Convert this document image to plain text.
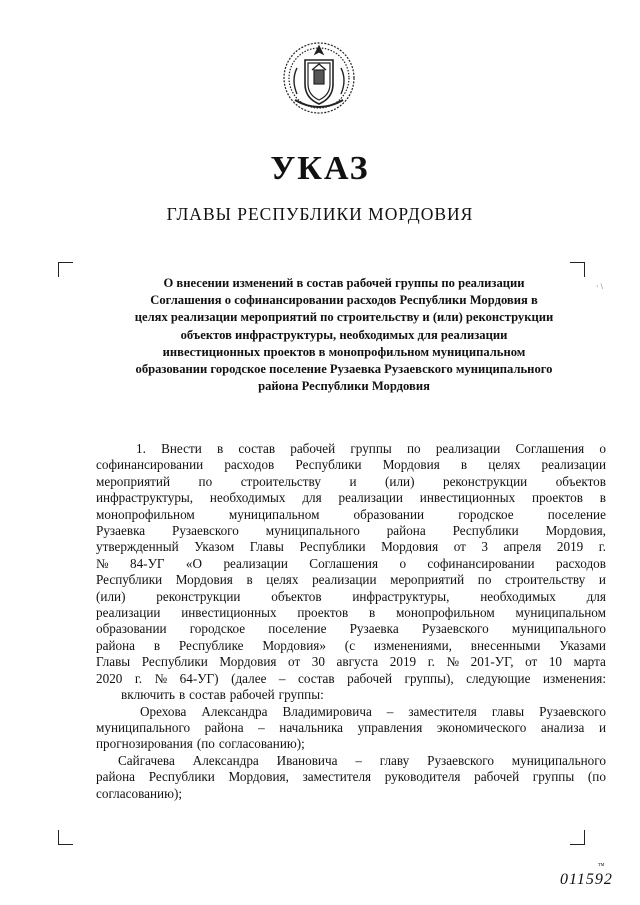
УКАЗ
ГЛАВЫ РЕСПУБЛИКИ МОРДОВИЯ
· \
О внесении изменений в состав рабочей группы по реализации
Соглашения о софинансировании расходов Республики Мордовия в
целях реализации мероприятий по строительству и (или) реконструкции
объектов инфраструктуры, необходимых для реализации
инвестиционных проектов в монопрофильном муниципальном
образовании городское поселение Рузаевка Рузаевского муниципального
района Республики Мордовия
1. Внести в состав рабочей группы по реализации Соглашения о
софинансировании расходов Республики Мордовия в целях реализации
мероприятий по строительству и (или) реконструкции объектов
инфраструктуры, необходимых для реализации инвестиционных проектов в
монопрофильном	муниципальном	образовании	городское	поселение
Рузаевка Рузаевского муниципального района Республики Мордовия,
утвержденный Указом Главы Республики Мордовия от 3 апреля 2019 г.
№ 84-УГ «О реализации Соглашения о софинансировании расходов
Республики Мордовия в целях реализации мероприятий по строительству и
(или) реконструкции объектов инфраструктуры, необходимых для
реализации инвестиционных проектов в монопрофильном муниципальном
образовании городское поселение Рузаевка Рузаевского муниципального
района в Республике Мордовия» (с изменениями, внесенными Указами
Главы Республики Мордовия от 30 августа 2019 г. № 201-УГ, от 10 марта
2020 г. № 64-УГ) (далее – состав рабочей группы), следующие изменения:
включить в состав рабочей группы:
Орехова Александра Владимировича – заместителя главы Рузаевского
муниципального района – начальника управления экономического анализа и
прогнозирования (по согласованию);
Сайгачева Александра Ивановича – главу Рузаевского муниципального
района Республики Мордовия, заместителя руководителя рабочей группы (по
согласованию);
тм
011592
